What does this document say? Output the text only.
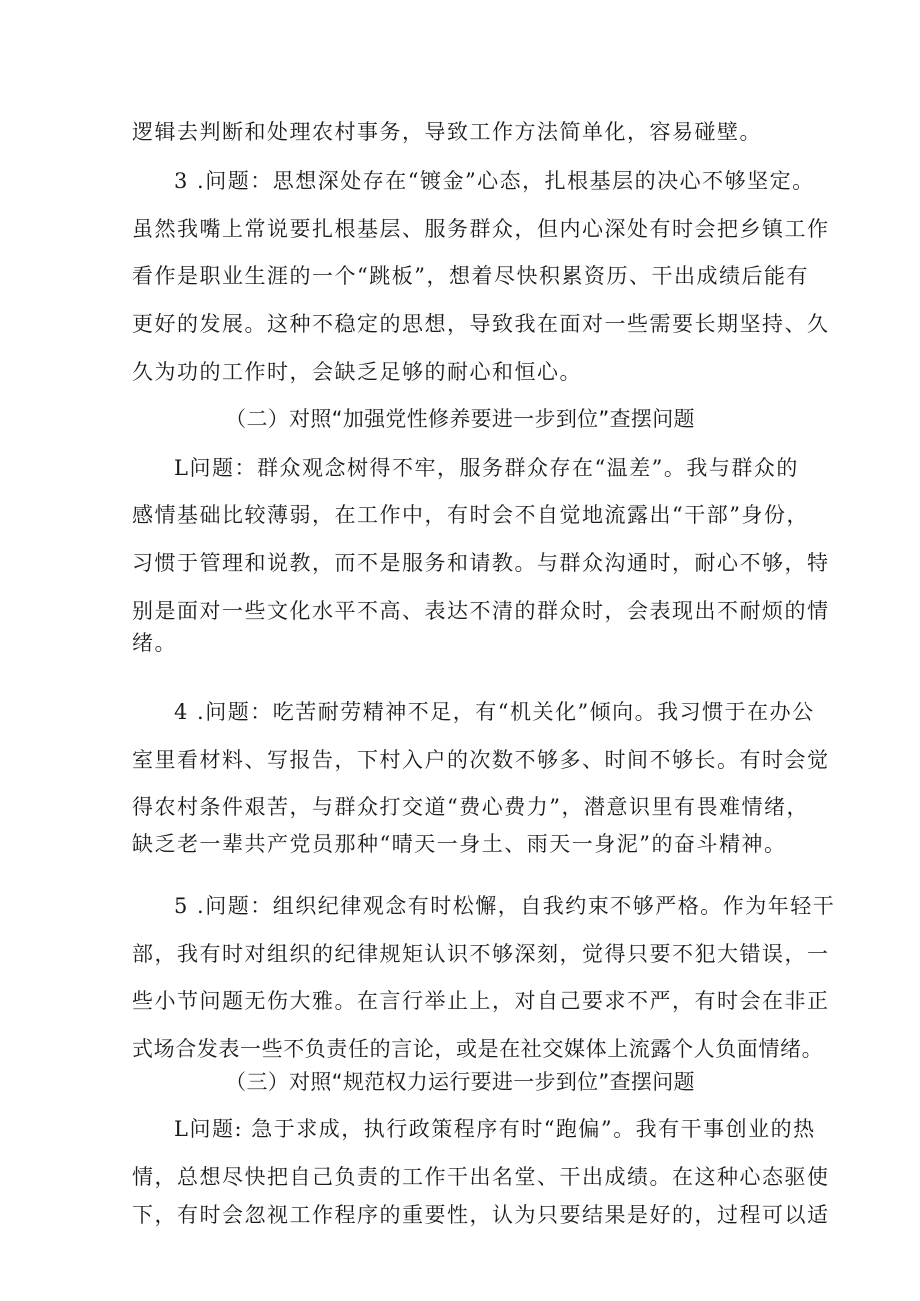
逻辑去判断和处理农村事务，导致工作方法简单化，容易碰壁。
3 .问题：思想深处存在“镀金”心态，扎根基层的决心不够坚定。
虽然我嘴上常说要扎根基层、服务群众，但内心深处有时会把乡镇工作
看作是职业生涯的一个“跳板”，想着尽快积累资历、干出成绩后能有
更好的发展。这种不稳定的思想，导致我在面对一些需要长期坚持、久
久为功的工作时，会缺乏足够的耐心和恒心。
（二）对照“加强党性修养要进一步到位”查摆问题
L问题：群众观念树得不牢，服务群众存在“温差”。我与群众的
感情基础比较薄弱，在工作中，有时会不自觉地流露出“干部”身份，
习惯于管理和说教，而不是服务和请教。与群众沟通时，耐心不够，特
别是面对一些文化水平不高、表达不清的群众时，会表现出不耐烦的情
绪。
4 .问题：吃苦耐劳精神不足，有“机关化”倾向。我习惯于在办公
室里看材料、写报告，下村入户的次数不够多、时间不够长。有时会觉
得农村条件艰苦，与群众打交道“费心费力”，潜意识里有畏难情绪，
缺乏老一辈共产党员那种“晴天一身土、雨天一身泥”的奋斗精神。
5 .问题：组织纪律观念有时松懈，自我约束不够严格。作为年轻干
部，我有时对组织的纪律规矩认识不够深刻，觉得只要不犯大错误，一
些小节问题无伤大雅。在言行举止上，对自己要求不严，有时会在非正
式场合发表一些不负责任的言论，或是在社交媒体上流露个人负面情绪。
（三）对照“规范权力运行要进一步到位”查摆问题
L问题: 急于求成，执行政策程序有时“跑偏”。我有干事创业的热
情，总想尽快把自己负责的工作干出名堂、干出成绩。在这种心态驱使
下，有时会忽视工作程序的重要性，认为只要结果是好的，过程可以适
